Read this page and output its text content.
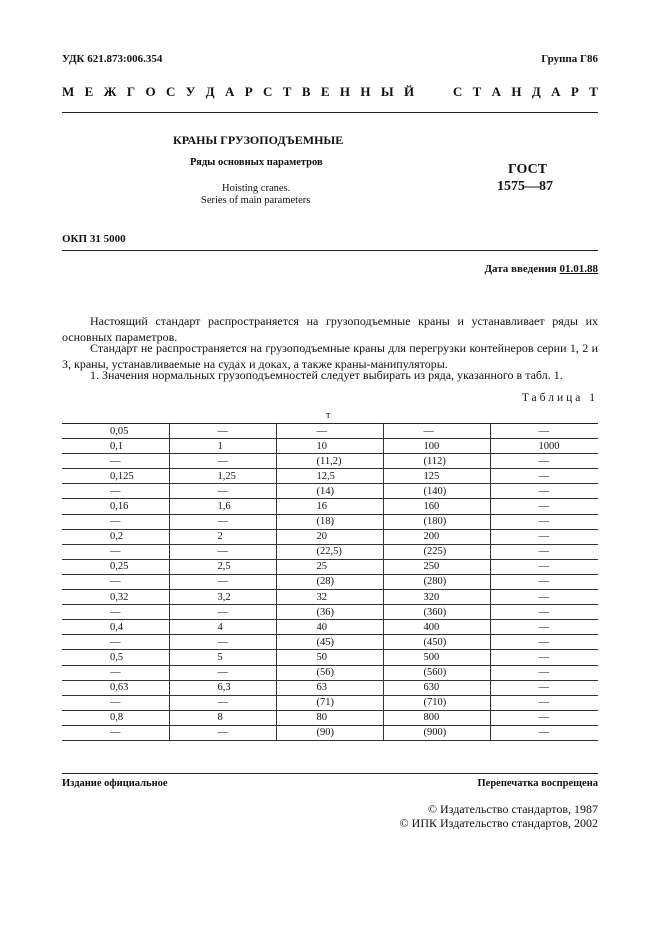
УДК 621.873:006.354	Группа Г86
М Е Ж Г О С У Д А Р С Т В Е Н Н Ы Й	С Т А Н Д А Р Т
КРАНЫ ГРУЗОПОДЪЕМНЫЕ
Ряды основных параметров
Hoisting cranes.
Series of main parameters
ГОСТ
1575—87
ОКП 31 5000
Дата введения 01.01.88
Настоящий стандарт распространяется на грузоподъемные краны и устанавливает ряды их основных параметров.
Стандарт не распространяется на грузоподъемные краны для перегрузки контейнеров серии 1, 2 и 3, краны, устанавливаемые на судах и доках, а также краны-манипуляторы.
1. Значения нормальных грузоподъемностей следует выбирать из ряда, указанного в табл. 1.
Таблица 1
т
0,05	—	—	—	—
0,1	1	10	100	1000
—	—	(11,2)	(112)	—
0,125	1,25	12,5	125	—
—	—	(14)	(140)	—
0,16	1,6	16	160	—
—	—	(18)	(180)	—
0,2	2	20	200	—
—	—	(22,5)	(225)	—
0,25	2,5	25	250	—
—	—	(28)	(280)	—
0,32	3,2	32	320	—
—	—	(36)	(360)	—
0,4	4	40	400	—
—	—	(45)	(450)	—
0,5	5	50	500	—
—	—	(56)	(560)	—
0,63	6,3	63	630	—
—	—	(71)	(710)	—
0,8	8	80	800	—
—	—	(90)	(900)	—
Издание официальное	Перепечатка воспрещена
© Издательство стандартов, 1987
© ИПК Издательство стандартов, 2002
